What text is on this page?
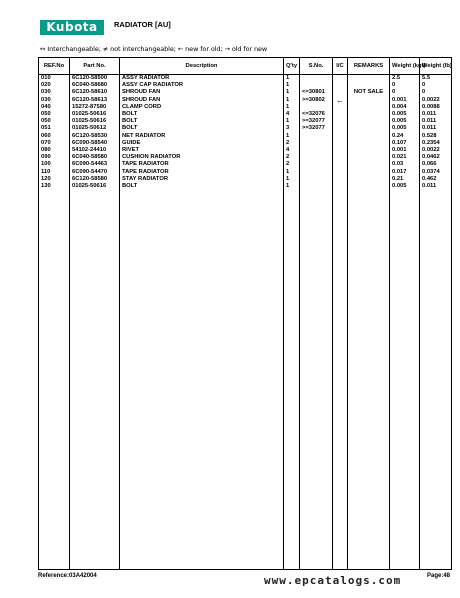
Kubota	RADIATOR [AU]
↔ Interchangeable; ≠ not interchangeable; ← new for old; → old for new
REF.No	Part No.	Description	Q'ty	S.No.	I/C	REMARKS	Weight (kgf)	Weight (lb)
010	6C120-58500	ASSY RADIATOR	1				2.5	5.5
020	6C040-58680	ASSY CAP RADIATOR	1				0	0
030	6C120-58610	SHROUD FAN	1	<=30801		NOT SALE	0	0
030	6C120-58613	SHROUD FAN	1	>=30802	←		0.001	0.0022
040	15272-87580	CLAMP CORD	1				0.004	0.0088
050	01025-50616	BOLT	4	<=32076			0.005	0.011
050	01025-50616	BOLT	1	>=32077			0.005	0.011
051	01025-50612	BOLT	3	>=32077			0.005	0.011
060	6C120-58530	NET RADIATOR	1				0.24	0.528
070	6C090-58540	GUIDE	2				0.107	0.2354
080	54102-24410	RIVET	4				0.001	0.0022
090	6C040-58580	CUSHION RADIATOR	2				0.021	0.0462
100	6C090-54463	TAPE RADIATOR	2				0.03	0.066
110	6C090-54470	TAPE RADIATOR	1				0.017	0.0374
120	6C120-58580	STAY RADIATOR	1				0.21	0.462
130	01025-50616	BOLT	1				0.005	0.011

Reference:03A42004	www.epcatalogs.com	Page:48
